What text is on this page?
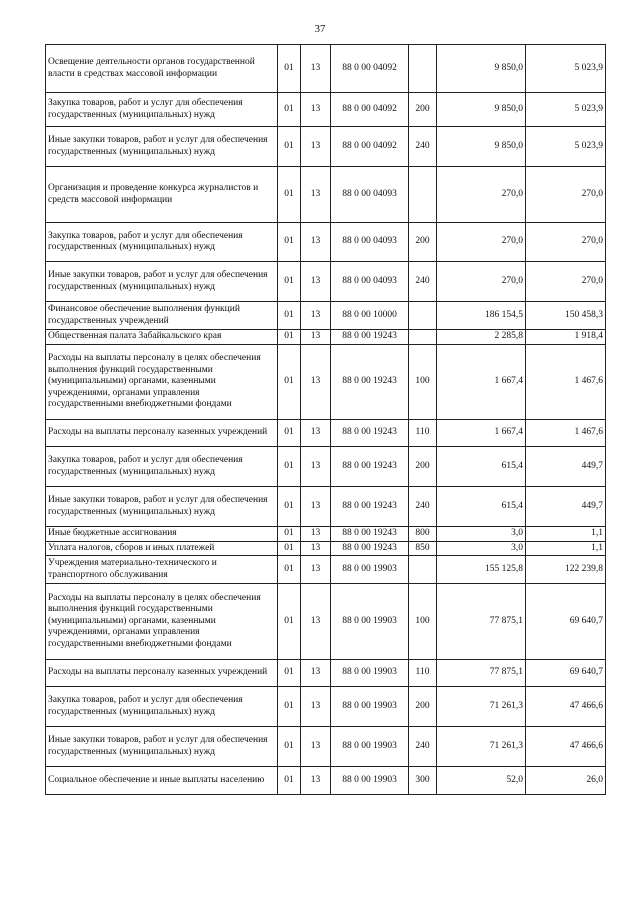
37
Освещение деятельности органов государственной власти в средствах массовой информации	01	13	88 0 00 04092		9 850,0	5 023,9
Закупка товаров, работ и услуг для обеспечения государственных (муниципальных) нужд	01	13	88 0 00 04092	200	9 850,0	5 023,9
Иные закупки товаров, работ и услуг для обеспечения государственных (муниципальных) нужд	01	13	88 0 00 04092	240	9 850,0	5 023,9
Организация и проведение конкурса журналистов и средств массовой информации	01	13	88 0 00 04093		270,0	270,0
Закупка товаров, работ и услуг для обеспечения государственных (муниципальных) нужд	01	13	88 0 00 04093	200	270,0	270,0
Иные закупки товаров, работ и услуг для обеспечения государственных (муниципальных) нужд	01	13	88 0 00 04093	240	270,0	270,0
Финансовое обеспечение выполнения функций государственных учреждений	01	13	88 0 00 10000		186 154,5	150 458,3
Общественная палата Забайкальского края	01	13	88 0 00 19243		2 285,8	1 918,4
Расходы на выплаты персоналу в целях обеспечения выполнения функций государственными (муниципальными) органами, казенными учреждениями, органами управления государственными внебюджетными фондами	01	13	88 0 00 19243	100	1 667,4	1 467,6
Расходы на выплаты персоналу казенных учреждений	01	13	88 0 00 19243	110	1 667,4	1 467,6
Закупка товаров, работ и услуг для обеспечения государственных (муниципальных) нужд	01	13	88 0 00 19243	200	615,4	449,7
Иные закупки товаров, работ и услуг для обеспечения государственных (муниципальных) нужд	01	13	88 0 00 19243	240	615,4	449,7
Иные бюджетные ассигнования	01	13	88 0 00 19243	800	3,0	1,1
Уплата налогов, сборов и иных платежей	01	13	88 0 00 19243	850	3,0	1,1
Учреждения материально-технического и транспортного обслуживания	01	13	88 0 00 19903		155 125,8	122 239,8
Расходы на выплаты персоналу в целях обеспечения выполнения функций государственными (муниципальными) органами, казенными учреждениями, органами управления государственными внебюджетными фондами	01	13	88 0 00 19903	100	77 875,1	69 640,7
Расходы на выплаты персоналу казенных учреждений	01	13	88 0 00 19903	110	77 875,1	69 640,7
Закупка товаров, работ и услуг для обеспечения государственных (муниципальных) нужд	01	13	88 0 00 19903	200	71 261,3	47 466,6
Иные закупки товаров, работ и услуг для обеспечения государственных (муниципальных) нужд	01	13	88 0 00 19903	240	71 261,3	47 466,6
Социальное обеспечение и иные выплаты населению	01	13	88 0 00 19903	300	52,0	26,0
